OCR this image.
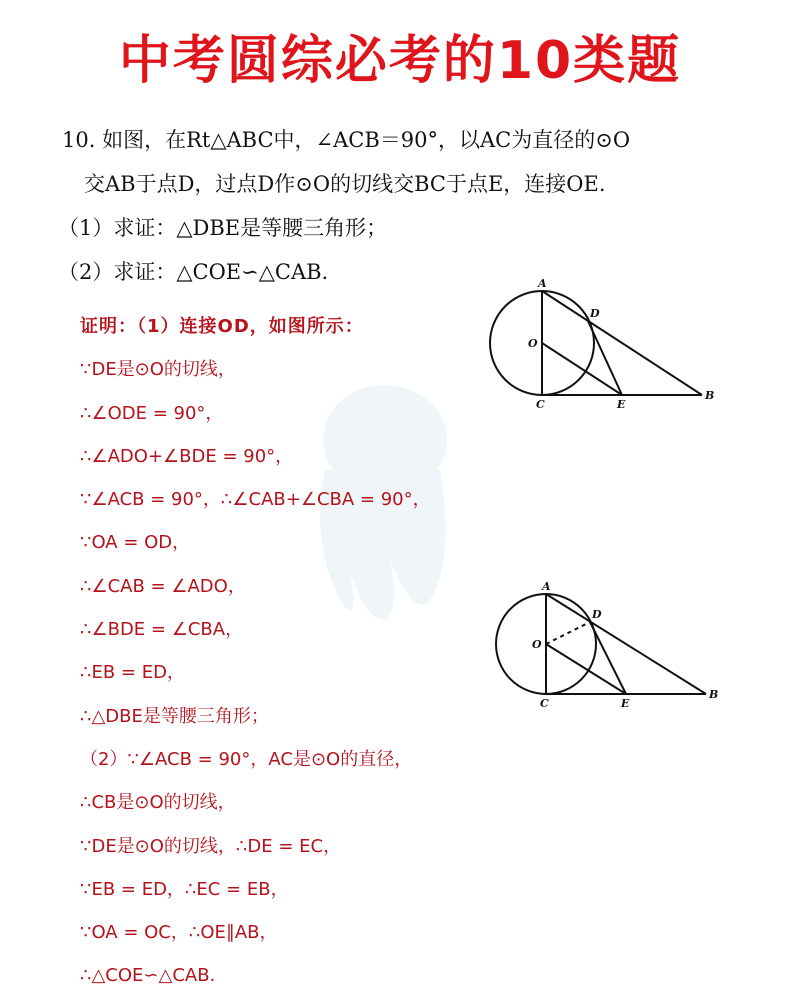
中考圆综必考的10类题
10. 如图，在Rt△ABC中，∠ACB＝90°，以AC为直径的⊙O
交AB于点D，过点D作⊙O的切线交BC于点E，连接OE.
（1）求证：△DBE是等腰三角形；
（2）求证：△COE∽△CAB.
证明：（1）连接OD，如图所示：
∵DE是⊙O的切线，
∴∠ODE = 90°，
∴∠ADO+∠BDE = 90°，
∵∠ACB = 90°，∴∠CAB+∠CBA = 90°，
∵OA = OD，
∴∠CAB = ∠ADO，
∴∠BDE = ∠CBA，
∴EB = ED，
∴△DBE是等腰三角形；
（2）∵∠ACB = 90°，AC是⊙O的直径，
∴CB是⊙O的切线，
∵DE是⊙O的切线，∴DE = EC，
∵EB = ED，∴EC = EB，
∵OA = OC，∴OE∥AB，
∴△COE∽△CAB.
A
D
O
C	E
B
A
D
O
C	E
B
